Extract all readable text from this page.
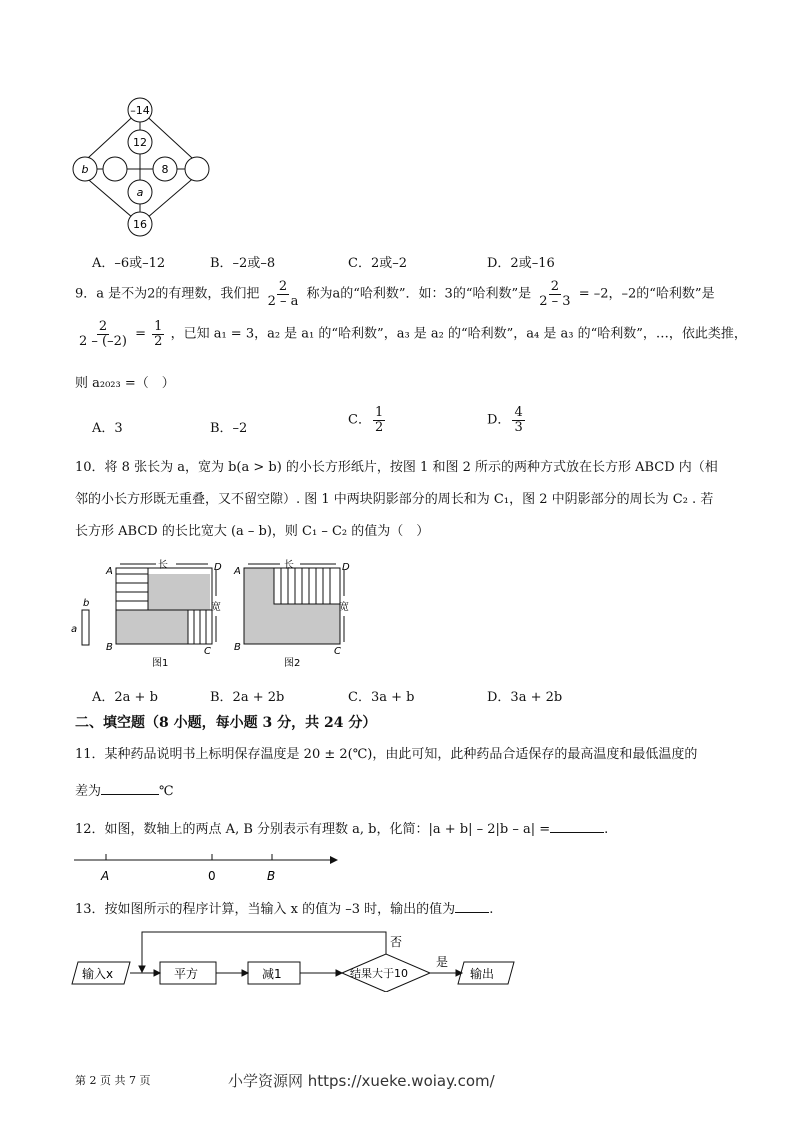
–14
12
b	8
a
16
A．–6或–12	B．–2或–8	C．2或–2	D．2或–16
9．a 是不为2的有理数，我们把 $\frac{2}{2 - a}$ 称为a的“哈利数”．如：3的“哈利数”是 $\frac{2}{2 - 3} = -2$，–2的“哈利数”是
$\frac{2}{2 - (-2)} = \frac{1}{2}$ ，已知 a₁ = 3，a₂ 是 a₁ 的“哈利数”，a₃ 是 a₂ 的“哈利数”，a₄ 是 a₃ 的“哈利数”，…，依此类推，
则 a₂₀₂₃ =（　）
A．3	B．–2
C． $\frac{1}{2}$	D． $\frac{4}{3}$
10．将 8 张长为 a，宽为 b(a > b) 的小长方形纸片，按图 1 和图 2 所示的两种方式放在长方形 ABCD 内（相
邻的小长方形既无重叠，又不留空隙）. 图 1 中两块阴影部分的周长和为 C₁，图 2 中阴影部分的周长为 C₂ . 若
长方形 ABCD 的长比宽大 (a – b)，则 C₁ – C₂ 的值为（　）
b
a
长
宽
A	D
B	C
图1
长
宽
A	D
B	C
图2
A．2a + b	B．2a + 2b	C．3a + b	D．3a + 2b
二、填空题（8 小题，每小题 3 分，共 24 分）
11．某种药品说明书上标明保存温度是 20 ± 2(℃)，由此可知，此种药品合适保存的最高温度和最低温度的
差为	℃
12．如图，数轴上的两点 A, B 分别表示有理数 a, b，化简：|a + b| – 2|b – a| =	.
A	0	B
13．按如图所示的程序计算，当输入 x 的值为 –3 时，输出的值为	.
输入x	平方	减1	结果大于10
是
否
输出
第 2 页 共 7 页	小学资源网 https://xueke.woiay.com/
